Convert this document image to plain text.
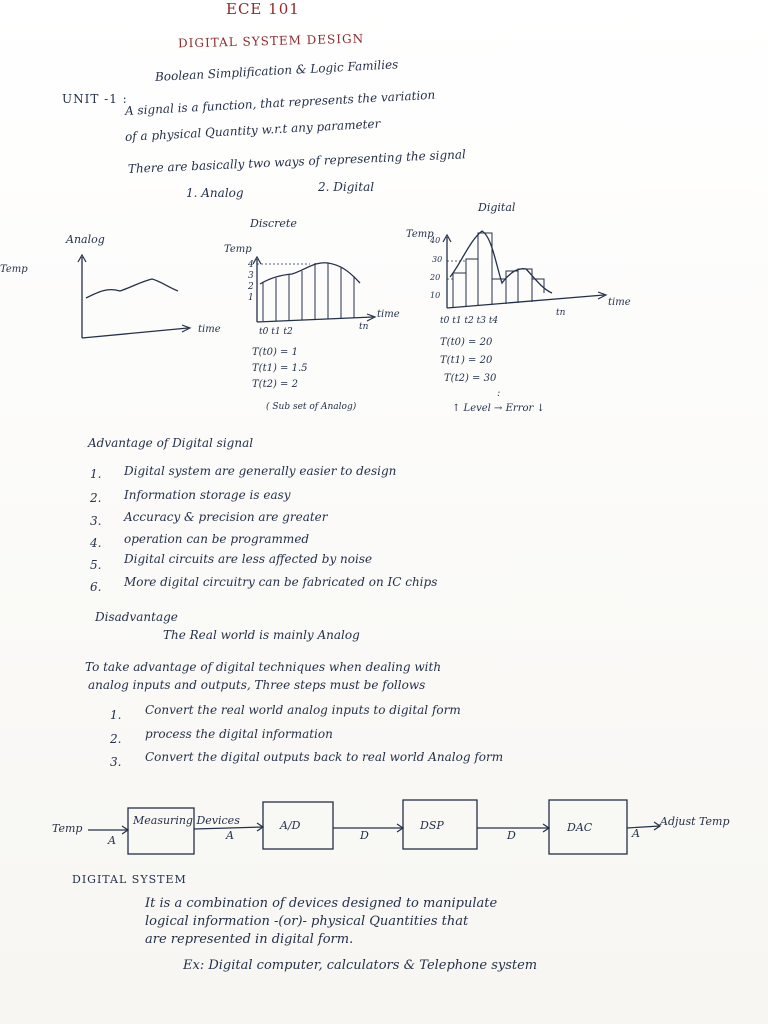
ECE 101
DIGITAL SYSTEM DESIGN
UNIT -1 :
Boolean Simplification & Logic Families
A signal is a function, that represents the variation
of a physical Quantity w.r.t any parameter
There are basically two ways of representing the signal
1. Analog	2. Digital
Analog
Temp
time
Discrete
Temp
4
3
2
1
time
t0 t1 t2	tn
T(t0) = 1
T(t1) = 1.5
T(t2) = 2
( Sub set of Analog)
Digital
Temp
40
30
20
10
time
t0 t1 t2 t3 t4
tn
T(t0) = 20
T(t1) = 20
T(t2) = 30
:
↑ Level → Error ↓
Advantage of Digital signal
1. Digital system are generally easier to design
2. Information storage is easy
3. Accuracy & precision are greater
4. operation can be programmed
5. Digital circuits are less affected by noise
6. More digital circuitry can be fabricated on IC chips
Disadvantage
The Real world is mainly Analog
To take advantage of digital techniques when dealing with
analog inputs and outputs, Three steps must be follows
1. Convert the real world analog inputs to digital form
2. process the digital information
3. Convert the digital outputs back to real world Analog form
Temp
A
Measuring Devices
A
A/D
D
DSP
D
DAC	A
Adjust Temp
DIGITAL SYSTEM
It is a combination of devices designed to manipulate
logical information -(or)- physical Quantities that
are represented in digital form.
Ex: Digital computer, calculators & Telephone system
